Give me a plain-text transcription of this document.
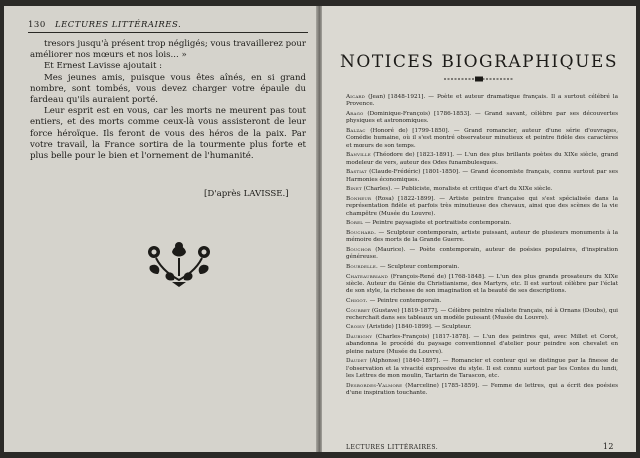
130 LECTURES LITTÉRAIRES.

tresors jusqu'à présent trop négligés; vous travaillerez pour améliorer nos mœurs et nos lois... »

Et Ernest Lavisse ajoutait :

Mes jeunes amis, puisque vous êtes aînés, en si grand nombre, sont tombés, vous devez charger votre épaule du fardeau qu'ils auraient porté.

Leur esprit est en vous, car les morts ne meurent pas tout entiers, et des morts comme ceux-là vous assisteront de leur force héroïque. Ils feront de vous des héros de la paix. Par votre travail, la France sortira de la tourmente plus forte et plus belle pour le bien et l'ornement de l'humanité.

[D'après LAVISSE.]
NOTICES BIOGRAPHIQUES
Aicard (Jean) [1848-1921]. — Poète et auteur dramatique français. Il a surtout célébré la Provence.
Arago (Dominique-François) [1786-1853]. — Grand savant, célèbre par ses découvertes physiques et astronomiques.
Balzac (Honoré de) [1799-1850]. — Grand romancier, auteur d'une série d'ouvrages, Comédie humaine, où il s'est montré observateur minutieux et peintre fidèle des caractères et mœurs de son temps.
Banville (Théodore de) [1823-1891]. — L'un des plus brillants poètes du XIXe siècle, grand modeleur de vers, auteur des Odes funambulesques.
Bastiat (Claude-Frédéric) [1801-1850]. — Grand économiste français, connu surtout par ses Harmonies économiques.
Binet (Charles). — Publiciste, moraliste et critique d'art du XIXe siècle.
Bonheur (Rosa) [1822-1899]. — Artiste peintre française qui s'est spécialisée dans la représentation fidèle et parfois très minutieuse des chevaux, ainsi que des scènes de la vie champêtre (Musée du Louvre).
Borel — Peintre paysagiste et portraitiste contemporain.
Bouchard. — Sculpteur contemporain, artiste puissant, auteur de plusieurs monuments à la mémoire des morts de la Grande Guerre.
Bouchor (Maurice). — Poète contemporain, auteur de poésies populaires, d'inspiration généreuse.
Bourdelle. — Sculpteur contemporain.
Chateaubriand (François-René de) [1768-1848]. — L'un des plus grands prosateurs du XIXe siècle. Auteur du Génie du Christianisme, des Martyrs, etc. Il est surtout célèbre par l'éclat de son style, la richesse de son imagination et la beauté de ses descriptions.
Chigot. — Peintre contemporain.
Courbet (Gustave) [1819-1877]. — Célèbre peintre réaliste français, né à Ornans (Doubs), qui recherchait dans ses tableaux un modèle puissant (Musée du Louvre).
Croisy (Aristide) [1840-1899]. — Sculpteur.
Daubigny (Charles-François) [1817-1878]. — L'un des peintres qui, avec Millet et Corot, abandonna le procédé du paysage conventionnel d'atelier pour peindre son chevalet en pleine nature (Musée du Louvre).
Daudet (Alphonse) [1840-1897]. — Romancier et conteur qui se distingue par la finesse de l'observation et la vivacité expressive du style. Il est connu surtout par les Contes du lundi, les Lettres de mon moulin, Tartarin de Tarascon, etc.
Desbordes-Valmore (Marceline) [1785-1859]. — Femme de lettres, qui a écrit des poésies d'une inspiration touchante.
LECTURES LITTÉRAIRES.	12
